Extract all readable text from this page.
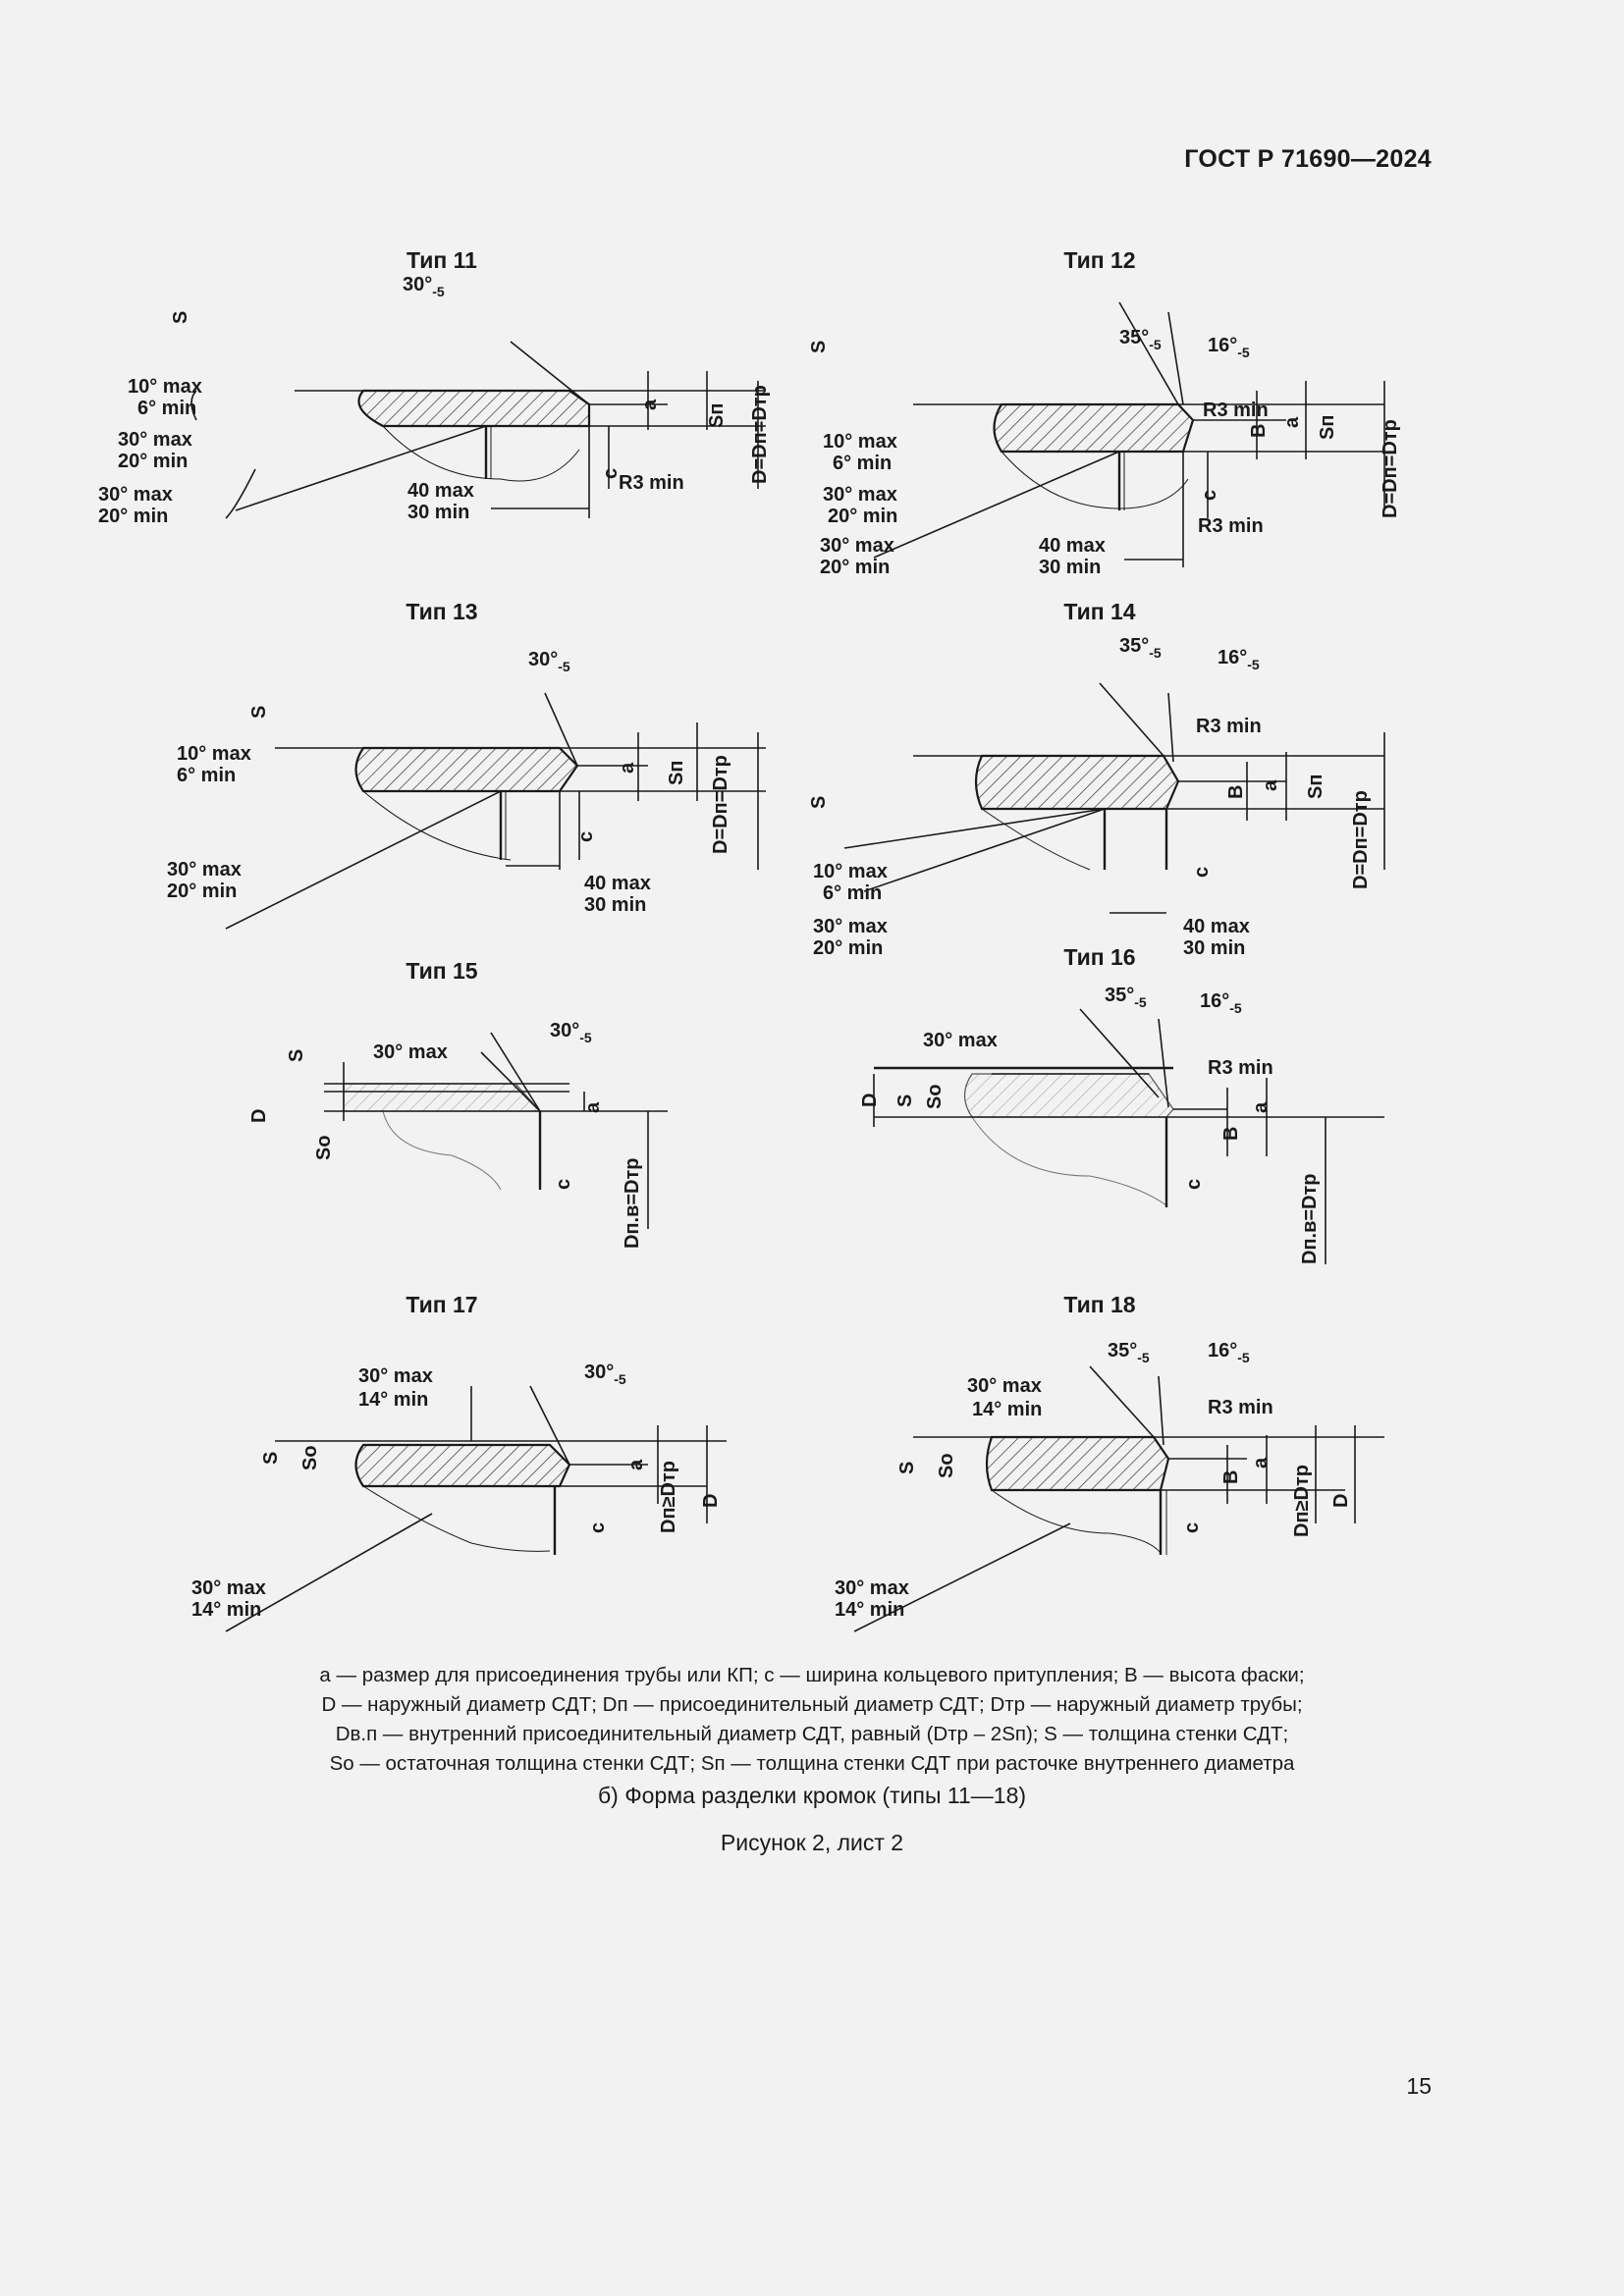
ГОСТ Р 71690—2024
Тип 11
$30^\circ_{-5}$
S
10° max
6° min
30° max
20° min
30° max
20° min
40 max
30 min
R3 min
a
c
Sп D=Dп=Dтр
Тип 12
$35^\circ_{-5}$ $16^\circ_{-5}$
R3 min
S
10° max
6° min
30° max
20° min
30° max
20° min
40 max
30 min
R3 min
B
a
c
Sп D=Dп=Dтр
Тип 13
$30^\circ_{-5}$
S
10° max
6° min
30° max
20° min	40 max
30 min
a
c
Sп D=Dп=Dтр
Тип 14
$35^\circ_{-5}$	$16^\circ_{-5}$
R3 min
S
10° max
6° min
30° max
20° min
40 max
30 min
B a
c
Sп
D=Dп=Dтр
Тип 15
$30^\circ_{-5}$
30° max
S
D
Sо
a
c Dп.в=Dтр
Тип 16
$35^\circ_{-5}$	$16^\circ_{-5}$
30° max
R3 min
D S Sо
B
a
c	Dп.в=Dтр
Тип 17
$30^\circ_{-5}$
30° max
14° min
S Sо
30° max
14° min
a
c	Dп≥Dтр D
Тип 18
$35^\circ_{-5}$	$16^\circ_{-5}$
30° max
14° min	R3 min
S Sо
30° max
14° min
B
a
c	Dп≥Dтр D
a — размер для присоединения трубы или КП; c — ширина кольцевого притупления; B — высота фаски;
D — наружный диаметр СДТ; Dп — присоединительный диаметр СДТ; Dтр — наружный диаметр трубы;
Dв.п — внутренний присоединительный диаметр СДТ, равный (Dтр – 2Sп); S — толщина стенки СДТ;
Sо — остаточная толщина стенки СДТ; Sп — толщина стенки СДТ при расточке внутреннего диаметра
б) Форма разделки кромок (типы 11—18)
Рисунок 2, лист 2
15
